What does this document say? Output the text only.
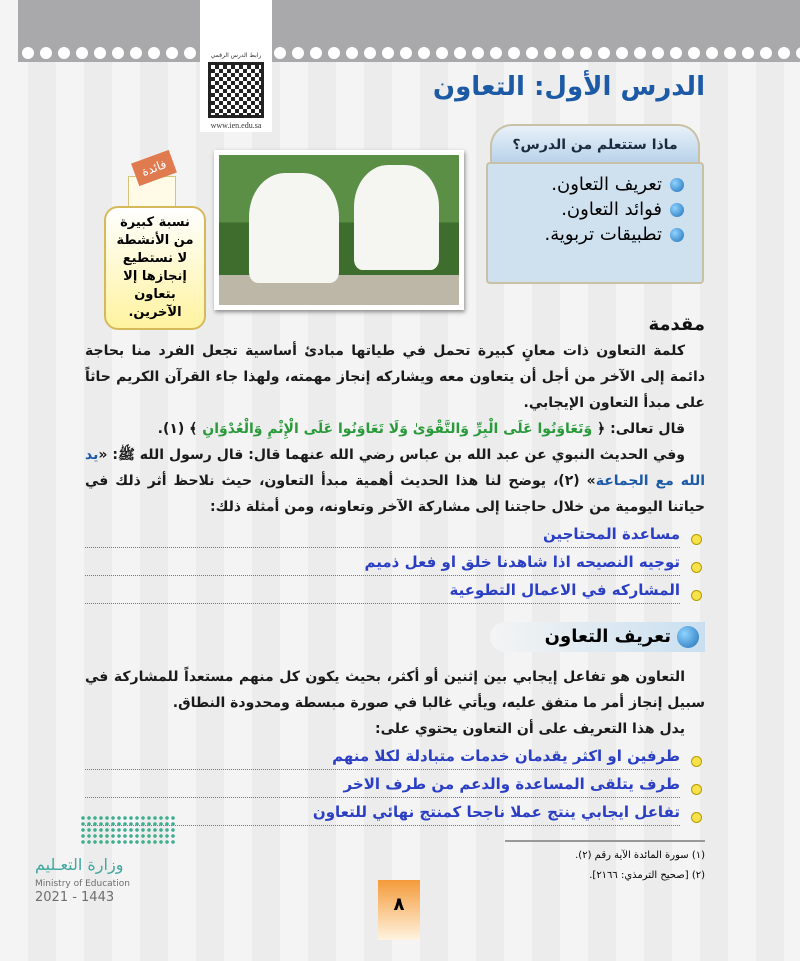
رابط الدرس الرقمي
www.ien.edu.sa
الدرس الأول: التعاون
ماذا ستتعلم من الدرس؟
تعريف التعاون.
فوائد التعاون.
تطبيقات تربوية.
فائدة
نسبة كبيرة من الأنشطة لا نستطيع إنجازها إلا بتعاون الآخرين.
مقدمة
كلمة التعاون ذات معانٍ كبيرة تحمل في طياتها مبادئ أساسية تجعل الفرد منا بحاجة دائمة إلى الآخر من أجل أن يتعاون معه ويشاركه إنجاز مهمته، ولهذا جاء القرآن الكريم حاثاً على مبدأ التعاون الإيجابي.
قال تعالى: ﴿ وَتَعَاوَنُوا عَلَى الْبِرِّ وَالتَّقْوَىٰ وَلَا تَعَاوَنُوا عَلَى الْإِثْمِ وَالْعُدْوَانِ ﴾ (١).
وفي الحديث النبوي عن عبد الله بن عباس رضي الله عنهما قال: قال رسول الله ﷺ: «يد الله مع الجماعة» (٢)، يوضح لنا هذا الحديث أهمية مبدأ التعاون، حيث نلاحظ أثر ذلك في حياتنا اليومية من خلال حاجتنا إلى مشاركة الآخر وتعاونه، ومن أمثلة ذلك:
مساعدة المحتاجين
توجيه النصيحه اذا شاهدنا خلق او فعل ذميم
المشاركه في الاعمال التطوعية
تعريف التعاون
التعاون هو تفاعل إيجابي بين إثنين أو أكثر، بحيث يكون كل منهم مستعداً للمشاركة في سبيل إنجاز أمر ما متفق عليه، ويأتي غالبا في صورة مبسطة ومحدودة النطاق.
يدل هذا التعريف على أن التعاون يحتوي على:
طرفين او اكثر يقدمان خدمات متبادلة لكلا منهم
طرف يتلقى المساعدة والدعم من طرف الاخر
تفاعل ايجابي ينتج عملا ناجحا كمنتج نهائي للتعاون
(١) سورة المائدة الآية رقم (٢).
(٢) [صحيح الترمذي: ٢١٦٦].
٨
وزارة التعـليم
Ministry of Education
2021 - 1443
